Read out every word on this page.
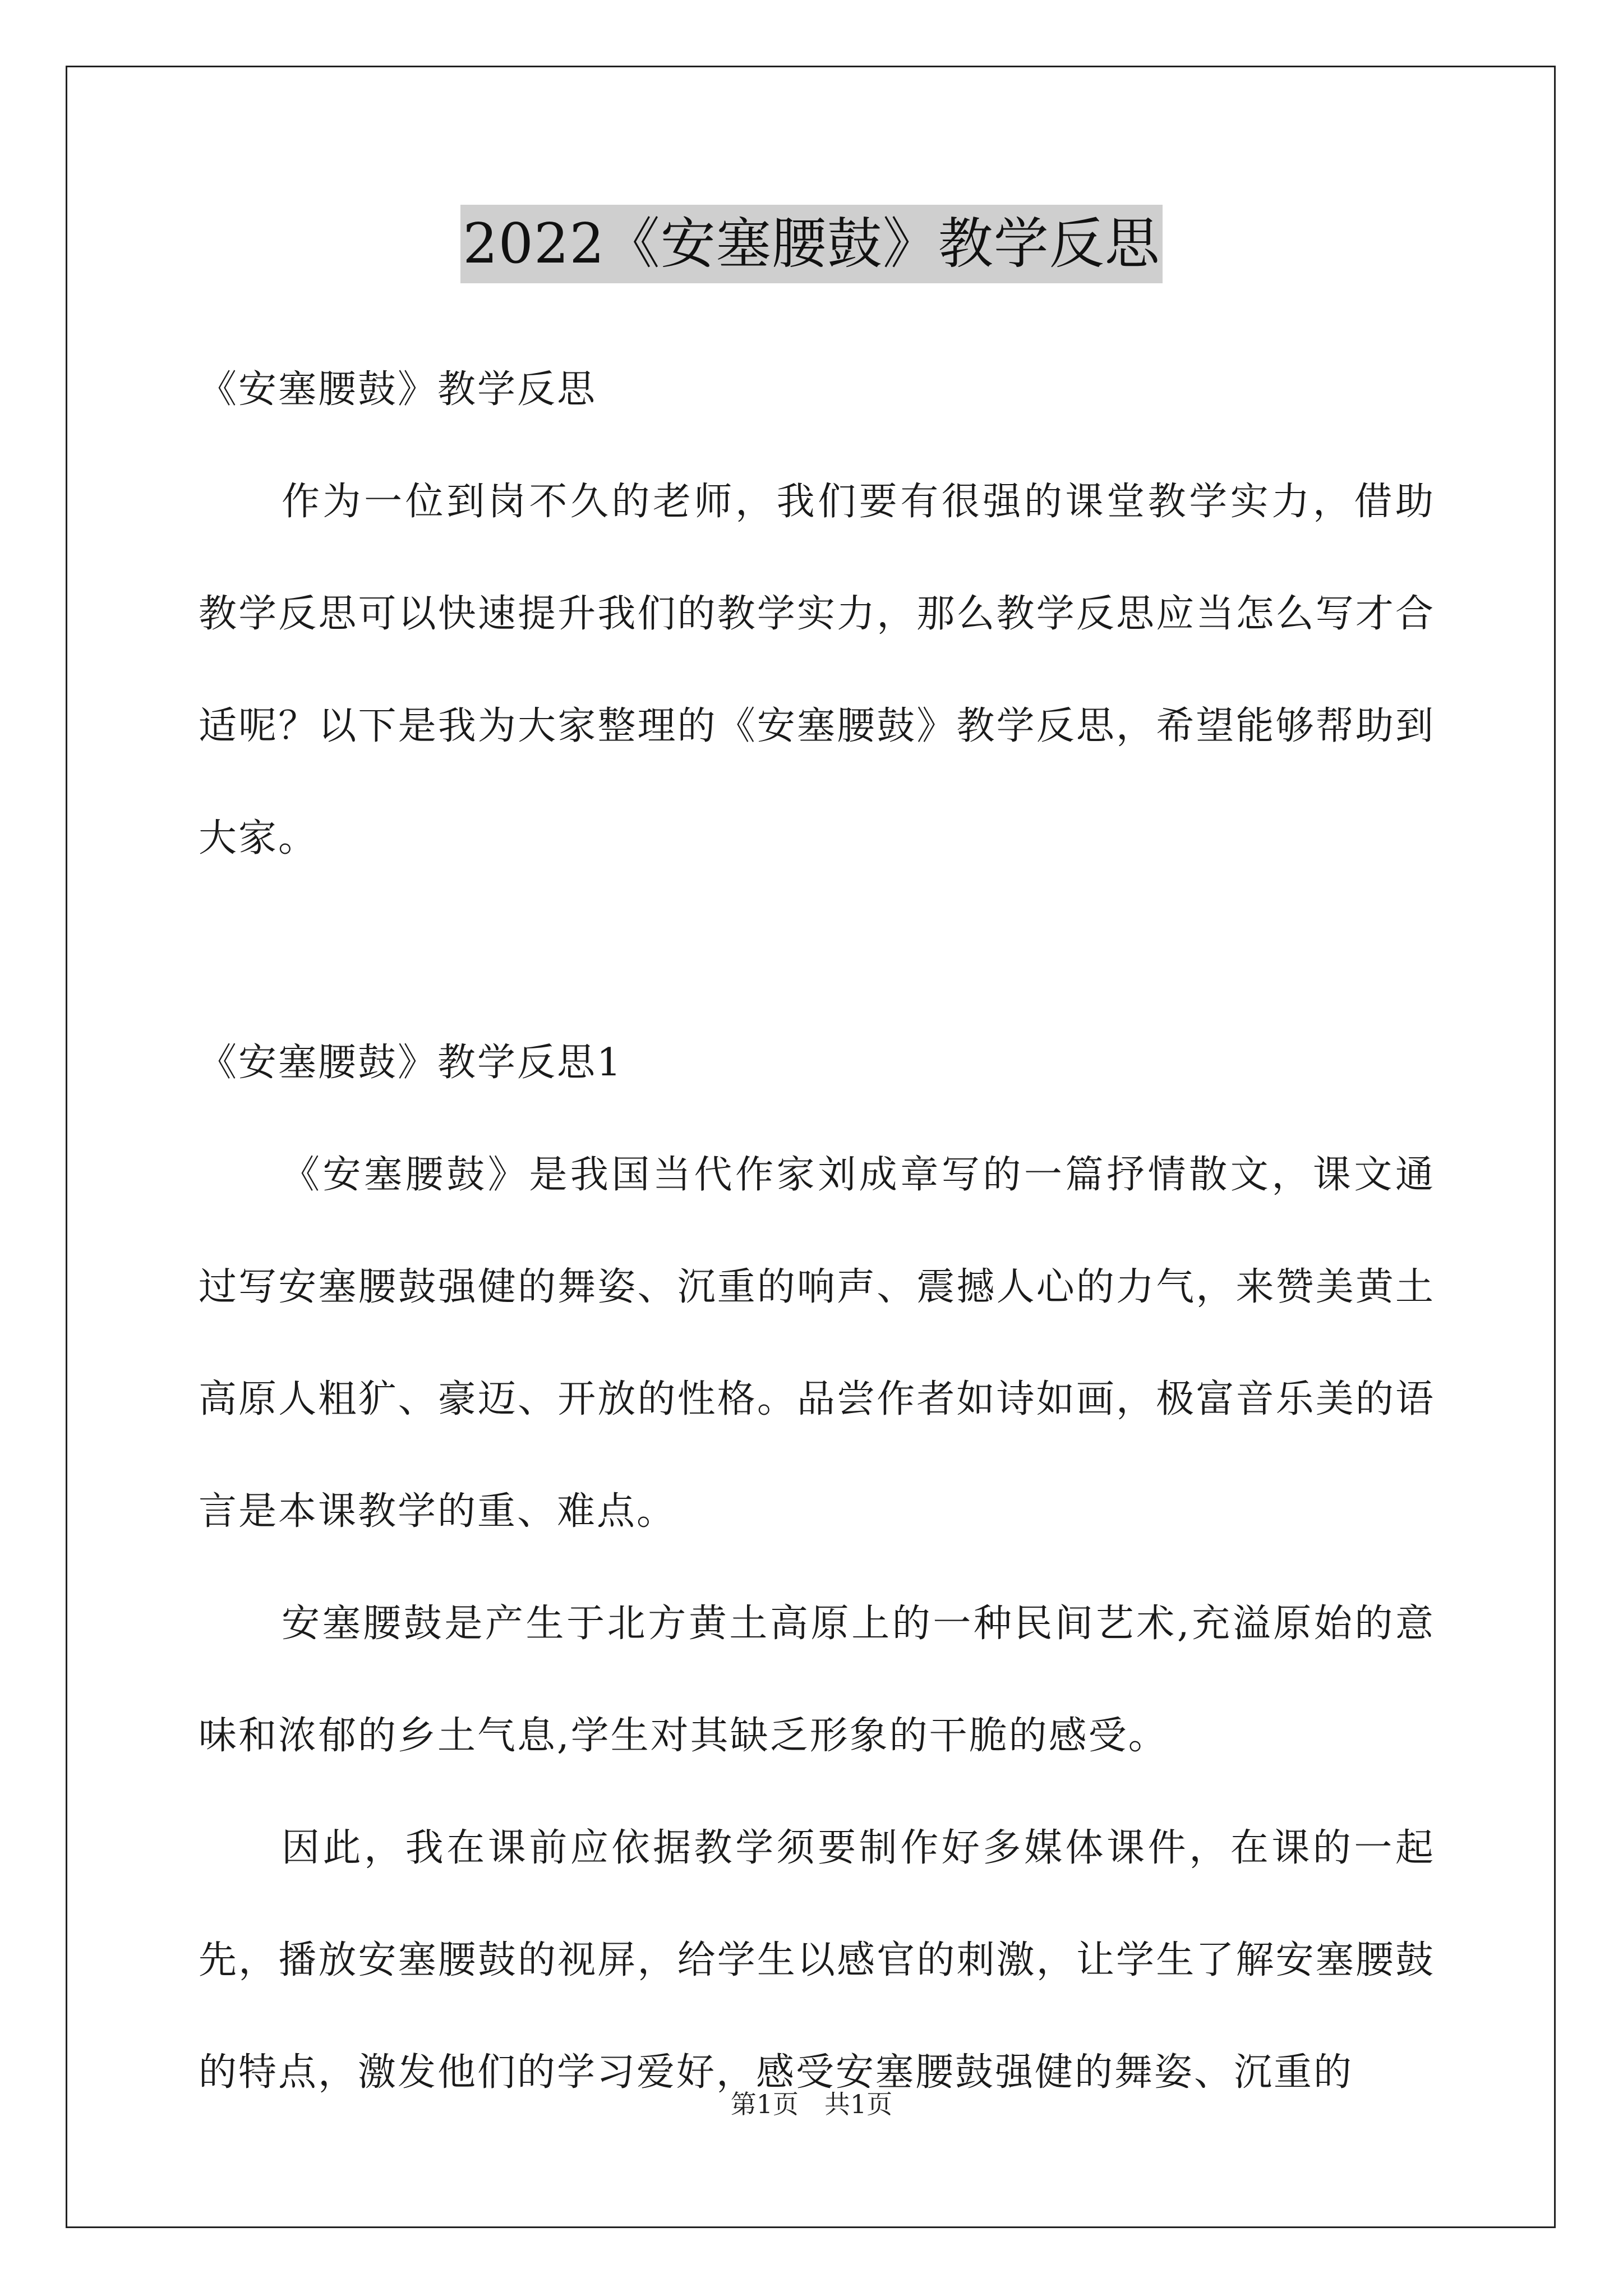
2022《安塞腰鼓》教学反思

《安塞腰鼓》教学反思

作为一位到岗不久的老师，我们要有很强的课堂教学实力，借助教学反思可以快速提升我们的教学实力，那么教学反思应当怎么写才合适呢？以下是我为大家整理的《安塞腰鼓》教学反思，希望能够帮助到大家。

《安塞腰鼓》教学反思1

《安塞腰鼓》是我国当代作家刘成章写的一篇抒情散文，课文通过写安塞腰鼓强健的舞姿、沉重的响声、震撼人心的力气，来赞美黄土高原人粗犷、豪迈、开放的性格。品尝作者如诗如画，极富音乐美的语言是本课教学的重、难点。

安塞腰鼓是产生于北方黄土高原上的一种民间艺术,充溢原始的意味和浓郁的乡土气息,学生对其缺乏形象的干脆的感受。

因此，我在课前应依据教学须要制作好多媒体课件，在课的一起先，播放安塞腰鼓的视屏，给学生以感官的刺激，让学生了解安塞腰鼓的特点，激发他们的学习爱好，感受安塞腰鼓强健的舞姿、沉重的

第1页　共1页
